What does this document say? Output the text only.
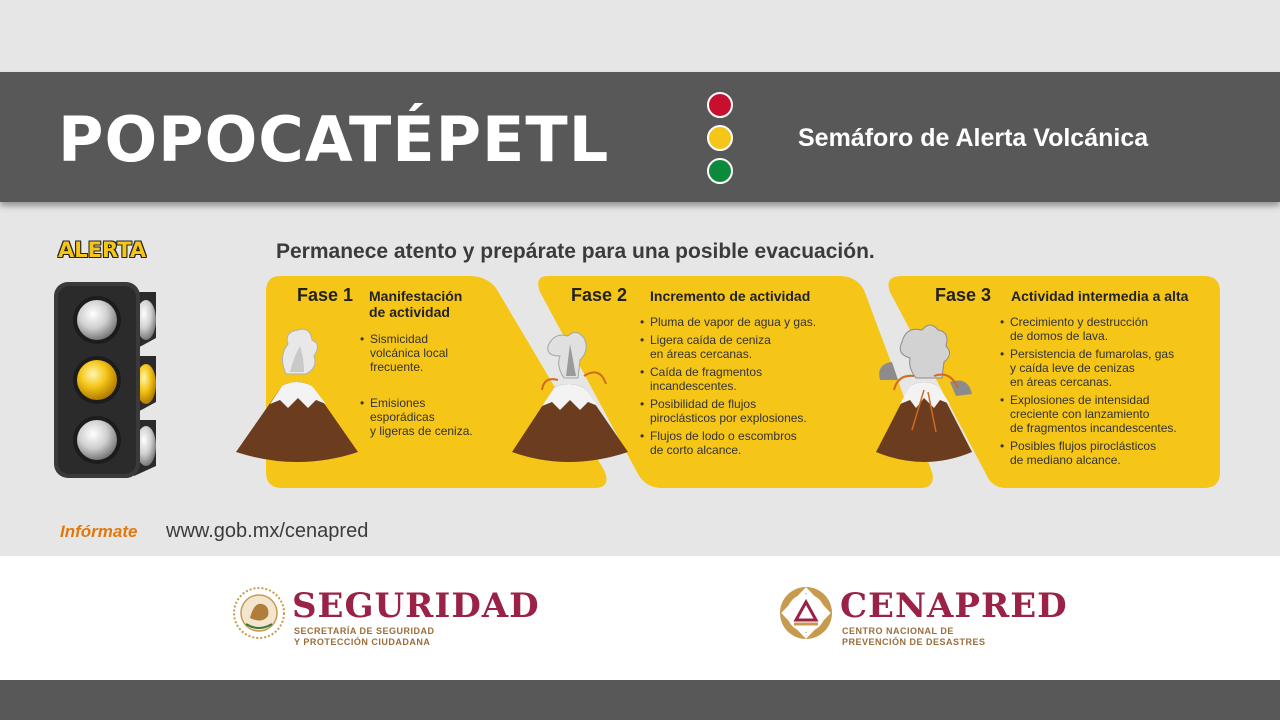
POPOCATÉPETL	Semáforo de Alerta Volcánica
ALERTA	Permanece atento y prepárate para una posible evacuación.
Fase 1 Manifestación
de actividad
• Sismicidad
volcánica local
frecuente.
• Emisiones
esporádicas
y ligeras de ceniza.
Fase 2 Incremento de actividad
• Pluma de vapor de agua y gas.
• Ligera caída de ceniza
en áreas cercanas.
• Caída de fragmentos
incandescentes.
• Posibilidad de flujos
piroclásticos por explosiones.
• Flujos de lodo o escombros
de corto alcance.
Fase 3 Actividad intermedia a alta
• Crecimiento y destrucción
de domos de lava.
• Persistencia de fumarolas, gas
y caída leve de cenizas
en áreas cercanas.
• Explosiones de intensidad
creciente con lanzamiento
de fragmentos incandescentes.
• Posibles flujos piroclásticos
de mediano alcance.
Infórmate www.gob.mx/cenapred
SEGURIDAD
SECRETARÍA DE SEGURIDAD
Y PROTECCIÓN CIUDADANA
CENAPRED
CENTRO NACIONAL DE
PREVENCIÓN DE DESASTRES
